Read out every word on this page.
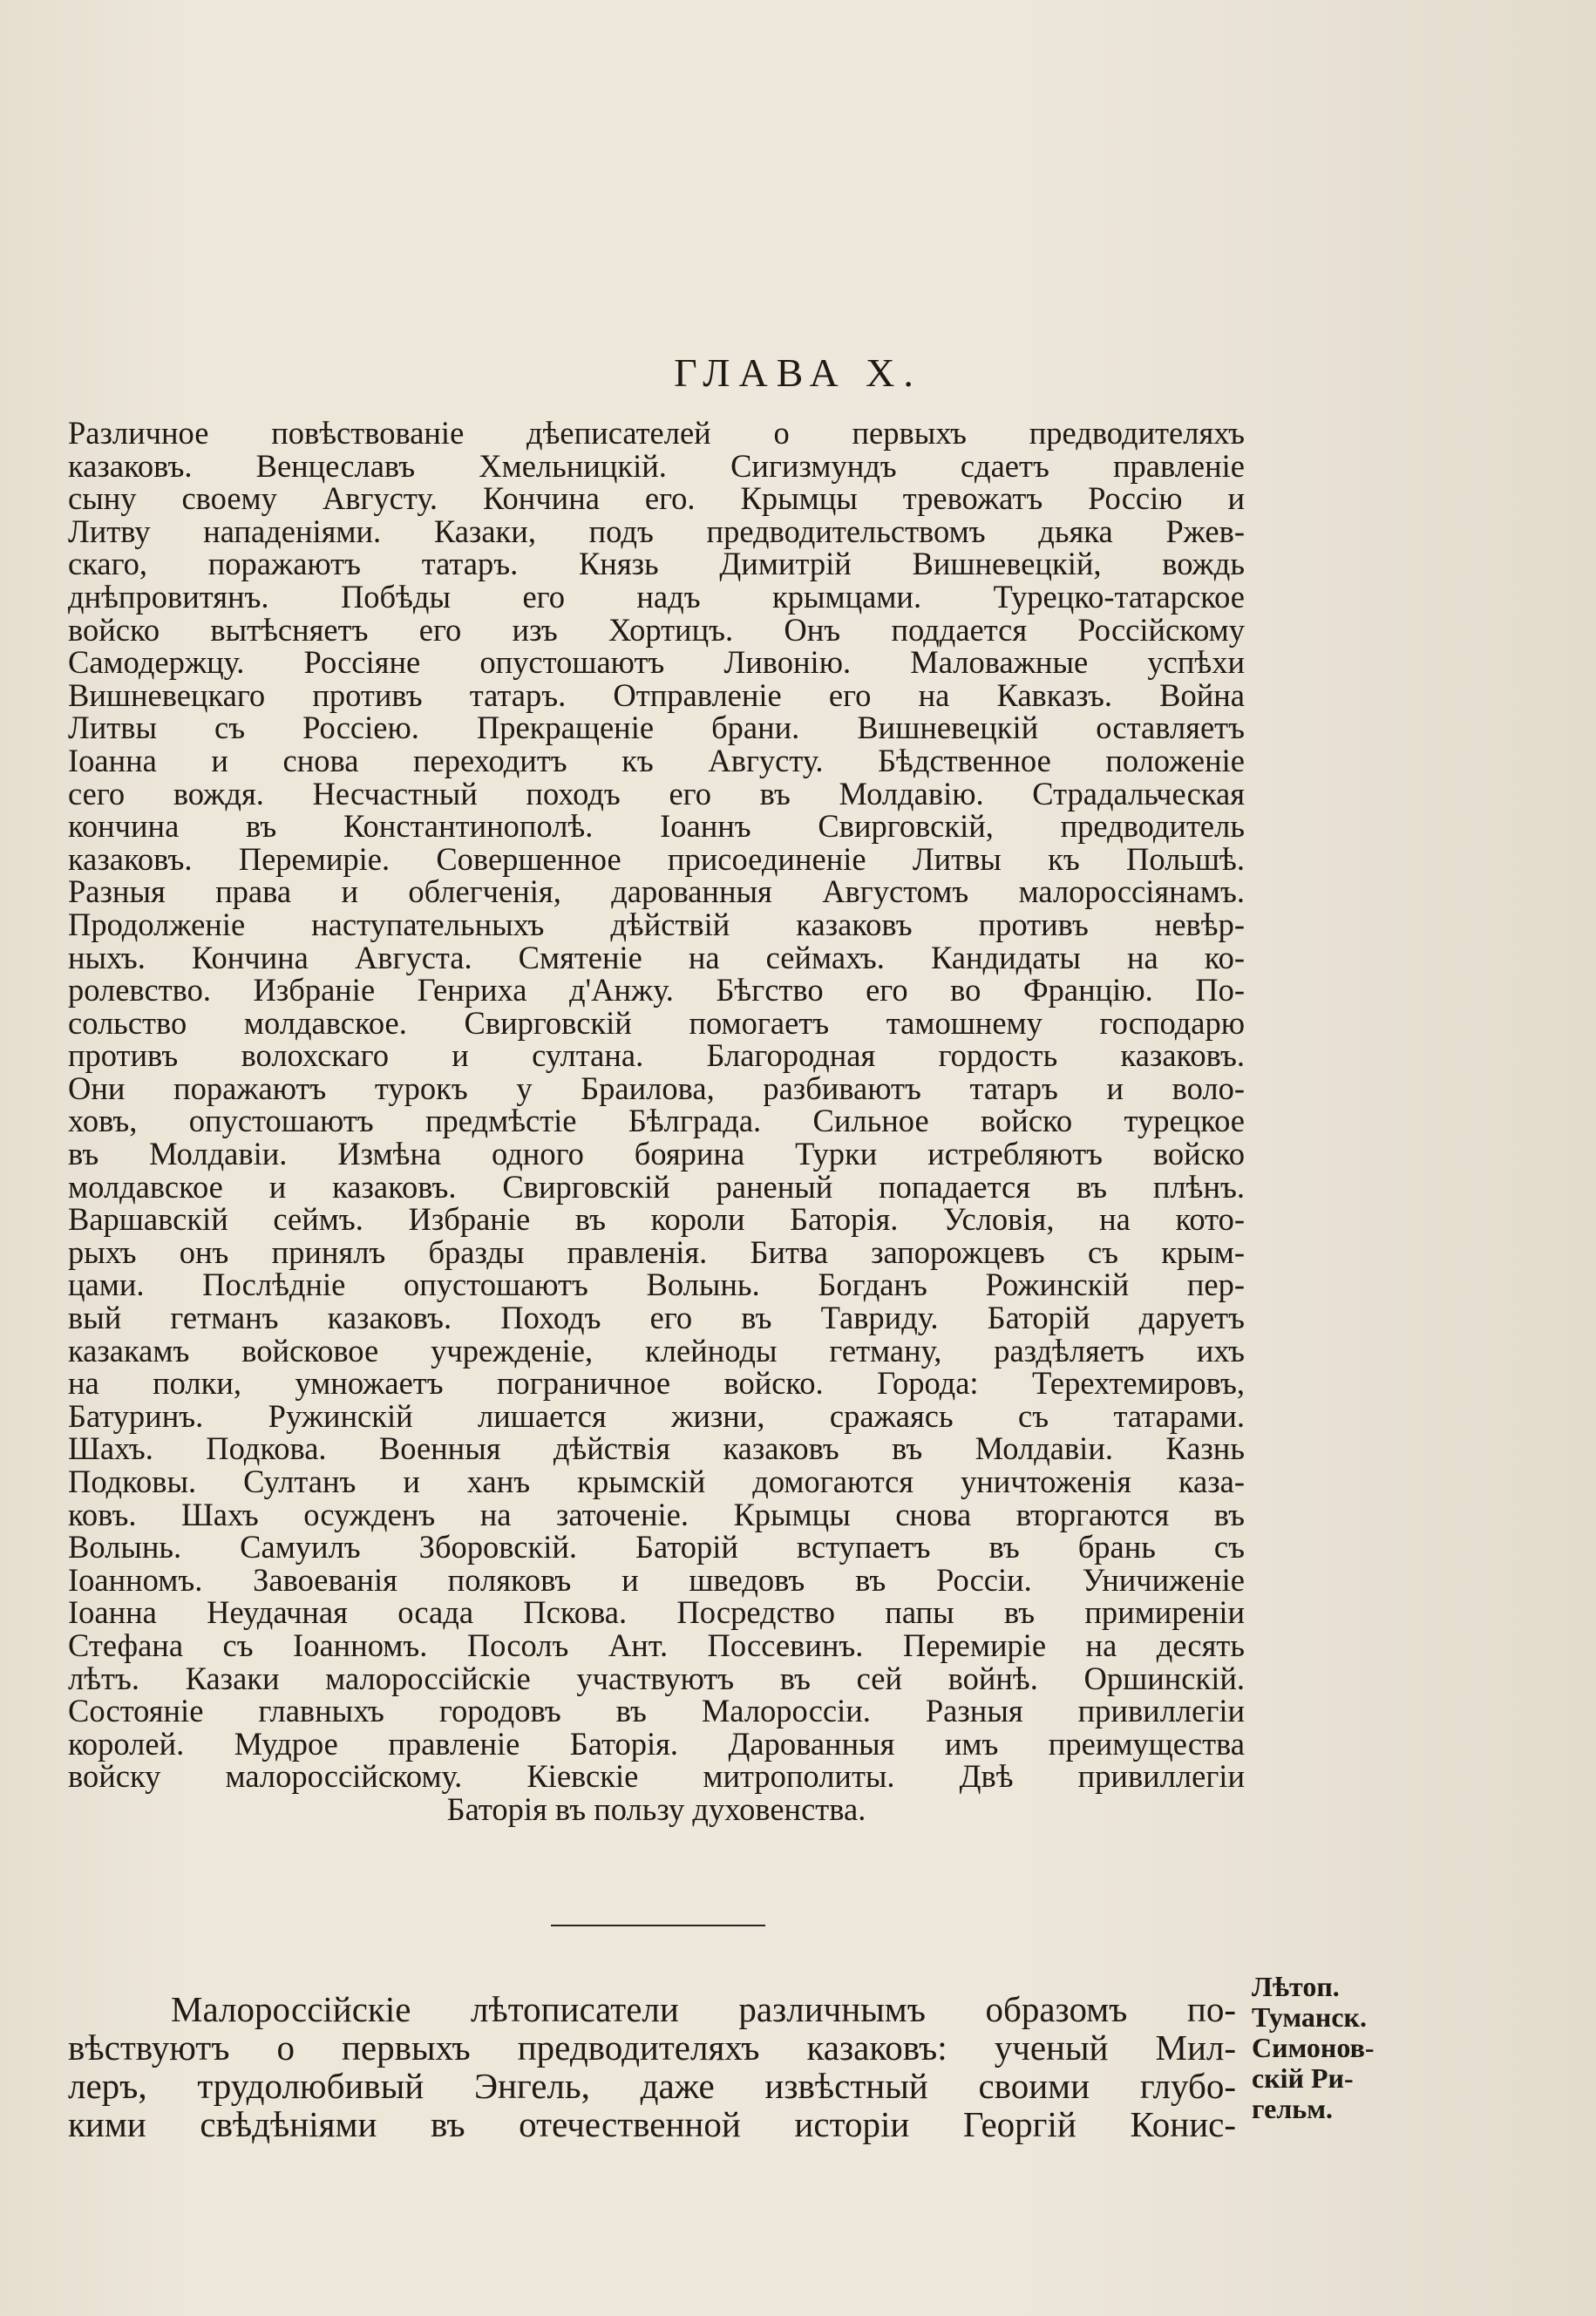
ГЛАВА X.
Различное повѣствованіе дѣеписателей о первыхъ предводителяхъ
казаковъ. Венцеславъ Хмельницкій. Сигизмундъ сдаетъ правленіе
сыну своему Августу. Кончина его. Крымцы тревожатъ Россію и
Литву нападеніями. Казаки, подъ предводительствомъ дьяка Ржев-
скаго, поражаютъ татаръ. Князь Димитрій Вишневецкій, вождь
днѣпровитянъ. Побѣды его надъ крымцами. Турецко-татарское
войско вытѣсняетъ его изъ Хортицъ. Онъ поддается Россійскому
Самодержцу. Россіяне опустошаютъ Ливонію. Маловажные успѣхи
Вишневецкаго противъ татаръ. Отправленіе его на Кавказъ. Война
Литвы съ Россіею. Прекращеніе брани. Вишневецкій оставляетъ
Іоанна и снова переходитъ къ Августу. Бѣдственное положеніе
сего вождя. Несчастный походъ его въ Молдавію. Страдальческая
кончина въ Константинополѣ. Іоаннъ Свирговскій, предводитель
казаковъ. Перемиріе. Совершенное присоединеніе Литвы къ Польшѣ.
Разныя права и облегченія, дарованныя Августомъ малороссіянамъ.
Продолженіе наступательныхъ дѣйствій казаковъ противъ невѣр-
ныхъ. Кончина Августа. Смятеніе на сеймахъ. Кандидаты на ко-
ролевство. Избраніе Генриха д'Анжу. Бѣгство его во Францію. По-
сольство молдавское. Свирговскій помогаетъ тамошнему господарю
противъ волохскаго и султана. Благородная гордость казаковъ.
Они поражаютъ турокъ у Браилова, разбиваютъ татаръ и воло-
ховъ, опустошаютъ предмѣстіе Бѣлграда. Сильное войско турецкое
въ Молдавіи. Измѣна одного боярина Турки истребляютъ войско
молдавское и казаковъ. Свирговскій раненый попадается въ плѣнъ.
Варшавскій сеймъ. Избраніе въ короли Баторія. Условія, на кото-
рыхъ онъ принялъ бразды правленія. Битва запорожцевъ съ крым-
цами. Послѣдніе опустошаютъ Волынь. Богданъ Рожинскій пер-
вый гетманъ казаковъ. Походъ его въ Тавриду. Баторій даруетъ
казакамъ войсковое учрежденіе, клейноды гетману, раздѣляетъ ихъ
на полки, умножаетъ пограничное войско. Города: Терехтемировъ,
Батуринъ. Ружинскій лишается жизни, сражаясь съ татарами.
Шахъ. Подкова. Военныя дѣйствія казаковъ въ Молдавіи. Казнь
Подковы. Султанъ и ханъ крымскій домогаются уничтоженія каза-
ковъ. Шахъ осужденъ на заточеніе. Крымцы снова вторгаются въ
Волынь. Самуилъ Зборовскій. Баторій вступаетъ въ брань съ
Іоанномъ. Завоеванія поляковъ и шведовъ въ Россіи. Уничиженіе
Іоанна Неудачная осада Пскова. Посредство папы въ примиреніи
Стефана съ Іоанномъ. Посолъ Ант. Поссевинъ. Перемиріе на десять
лѣтъ. Казаки малороссійскіе участвуютъ въ сей войнѣ. Оршинскій.
Состояніе главныхъ городовъ въ Малороссіи. Разныя привиллегіи
королей. Мудрое правленіе Баторія. Дарованныя имъ преимущества
войску малороссійскому. Кіевскіе митрополиты. Двѣ привиллегіи
Баторія въ пользу духовенства.
Малороссійскіе лѣтописатели различнымъ образомъ по-
вѣствуютъ о первыхъ предводителяхъ казаковъ: ученый Мил-
леръ, трудолюбивый Энгель, даже извѣстный своими глубо-
кими свѣдѣніями въ отечественной исторіи Георгій Конис-
Лѣтоп.
Туманск.
Симонов-
скій Ри-
гельм.
